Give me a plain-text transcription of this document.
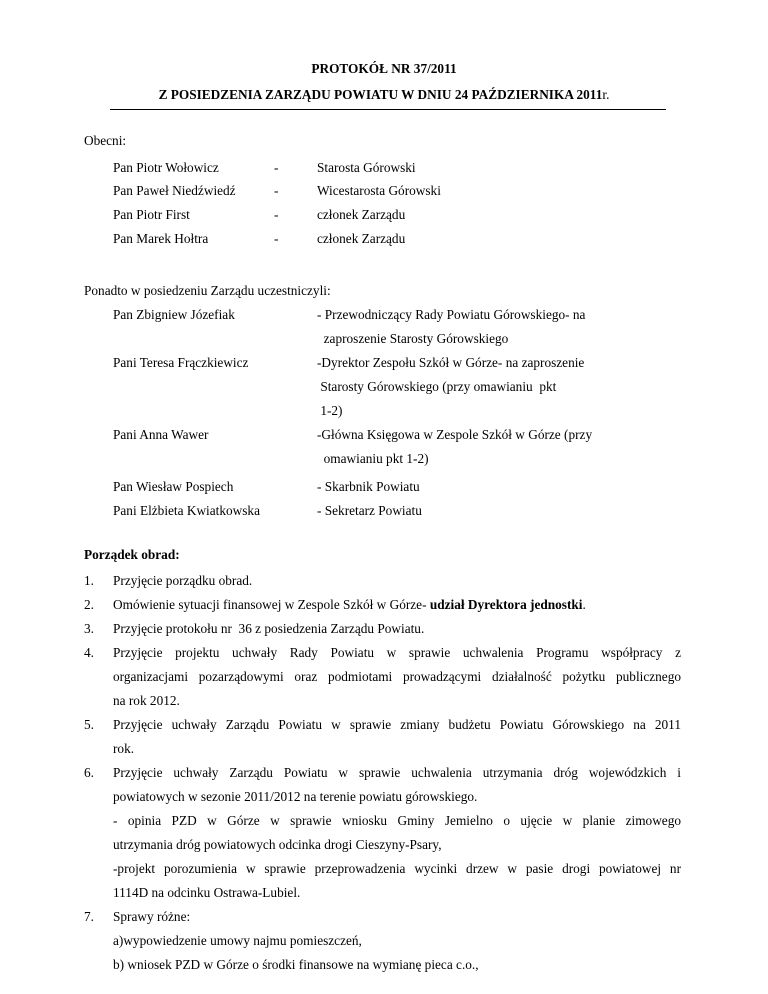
PROTOKÓŁ NR 37/2011
Z POSIEDZENIA ZARZĄDU POWIATU W DNIU 24 PAŹDZIERNIKA 2011r.
Obecni:
Pan Piotr Wołowicz	-	Starosta Górowski
Pan Paweł Niedźwiedź	-	Wicestarosta Górowski
Pan Piotr First	-	członek Zarządu
Pan Marek Hołtra	-	członek Zarządu
Ponadto w posiedzeniu Zarządu uczestniczyli:
Pan Zbigniew Józefiak	- Przewodniczący Rady Powiatu Górowskiego- na
zaproszenie Starosty Górowskiego
Pani Teresa Frączkiewicz	-Dyrektor Zespołu Szkół w Górze- na zaproszenie
Starosty Górowskiego (przy omawianiu  pkt
1-2)
Pani Anna Wawer	-Główna Księgowa w Zespole Szkół w Górze (przy
omawianiu pkt 1-2)
Pan Wiesław Pospiech	- Skarbnik Powiatu
Pani Elżbieta Kwiatkowska	- Sekretarz Powiatu
Porządek obrad:
1. Przyjęcie porządku obrad.
2. Omówienie sytuacji finansowej w Zespole Szkół w Górze- udział Dyrektora jednostki.
3. Przyjęcie protokołu nr  36 z posiedzenia Zarządu Powiatu.
4. Przyjęcie projektu uchwały Rady Powiatu w sprawie uchwalenia Programu współpracy z
organizacjami pozarządowymi oraz podmiotami prowadzącymi działalność pożytku publicznego
na rok 2012.
5. Przyjęcie uchwały Zarządu Powiatu w sprawie zmiany budżetu Powiatu Górowskiego na 2011
rok.
6. Przyjęcie uchwały Zarządu Powiatu w sprawie uchwalenia utrzymania dróg wojewódzkich i
powiatowych w sezonie 2011/2012 na terenie powiatu górowskiego.
- opinia PZD w Górze w sprawie wniosku Gminy Jemielno o ujęcie w planie zimowego
utrzymania dróg powiatowych odcinka drogi Cieszyny-Psary,
-projekt porozumienia w sprawie przeprowadzenia wycinki drzew w pasie drogi powiatowej nr
1114D na odcinku Ostrawa-Lubiel.
7. Sprawy różne:
a)wypowiedzenie umowy najmu pomieszczeń,
b) wniosek PZD w Górze o środki finansowe na wymianę pieca c.o.,
